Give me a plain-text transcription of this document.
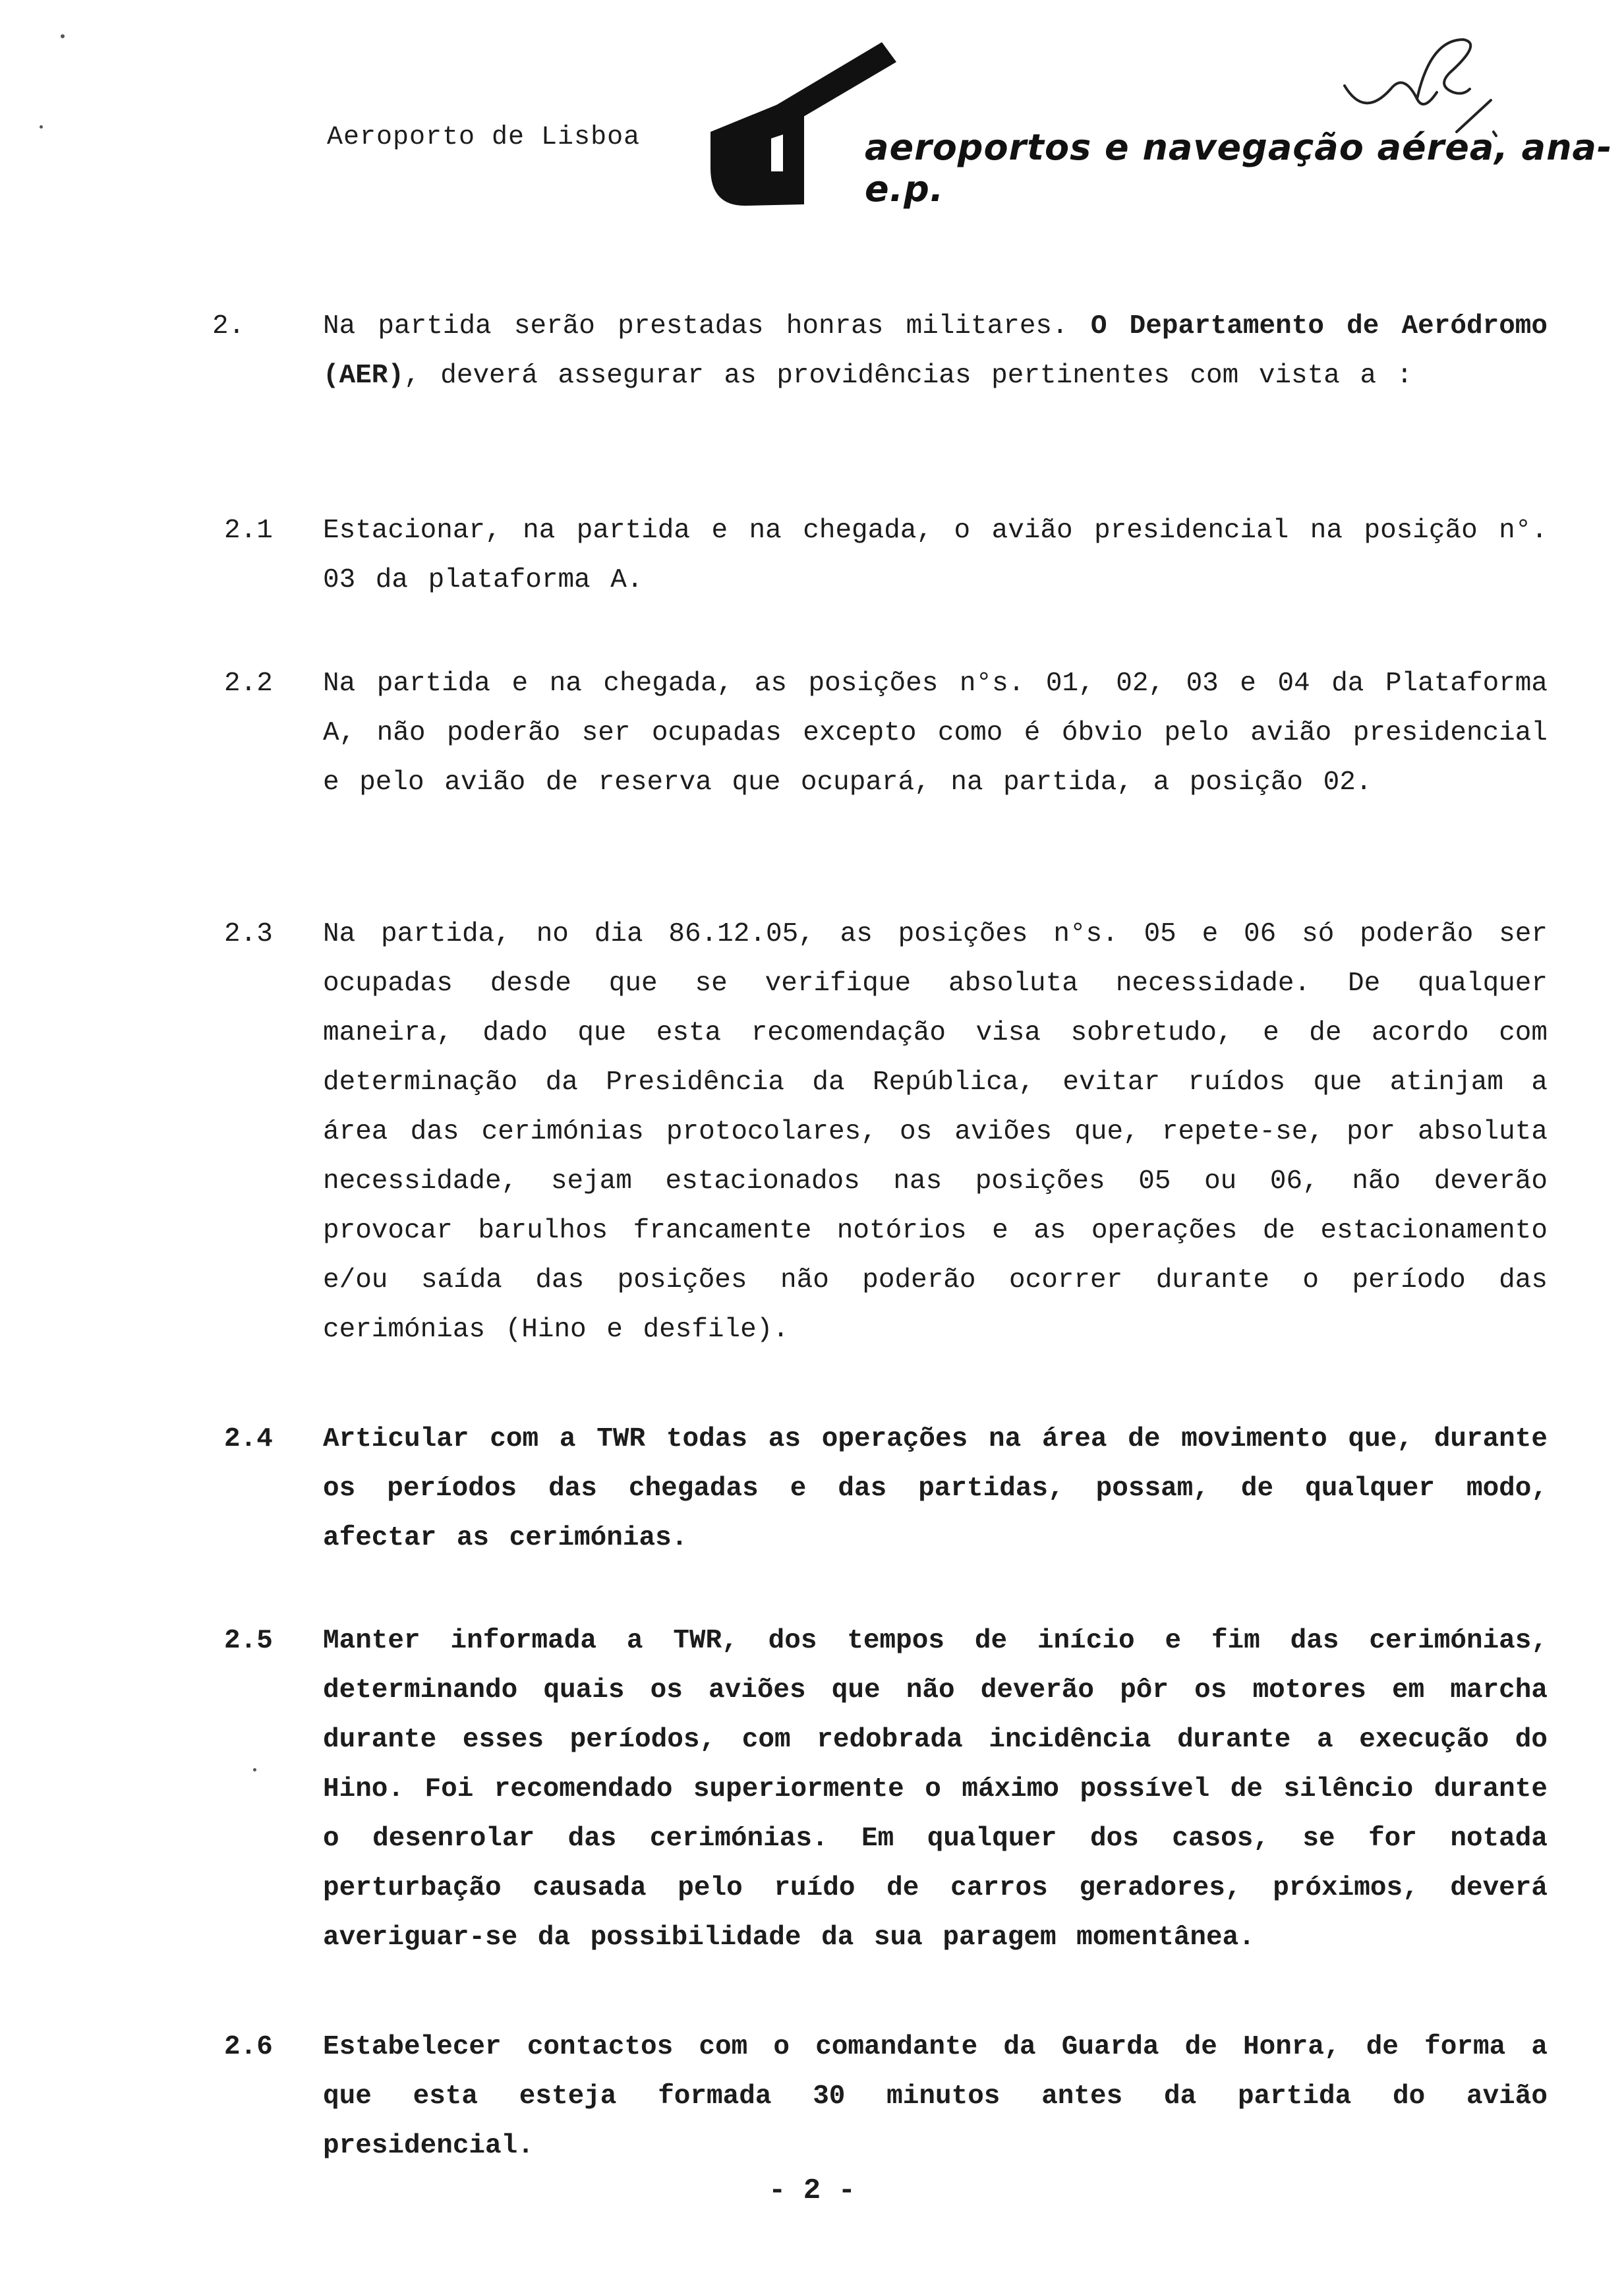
Aeroporto de Lisboa	aeroportos e navegação aérea, ana-e.p.
2.	Na partida serão prestadas honras militares. O Departamento de Aeródromo (AER), deverá assegurar as providências pertinentes com vista a :
2.1	Estacionar, na partida e na chegada, o avião presidencial na posição n°. 03 da plataforma A.
2.2	Na partida e na chegada, as posições n°s. 01, 02, 03 e 04 da Plataforma A, não poderão ser ocupadas excepto como é óbvio pelo avião presidencial e pelo avião de reserva que ocupará, na partida, a posição 02.
2.3	Na partida, no dia 86.12.05, as posições n°s. 05 e 06 só poderão ser ocupadas desde que se verifique absoluta necessidade. De qualquer maneira, dado que esta recomendação visa sobretudo, e de acordo com determinação da Presidência da República, evitar ruídos que atinjam a área das cerimónias protocolares, os aviões que, repete-se, por absoluta necessidade, sejam estacionados nas posições 05 ou 06, não deverão provocar barulhos francamente notórios e as operações de estacionamento e/ou saída das posições não poderão ocorrer durante o período das cerimónias (Hino e desfile).
2.4	Articular com a TWR todas as operações na área de movimento que, durante os períodos das chegadas e das partidas, possam, de qualquer modo, afectar as cerimónias.
2.5	Manter informada a TWR, dos tempos de início e fim das cerimónias, determinando quais os aviões que não deverão pôr os motores em marcha durante esses períodos, com redobrada incidência durante a execução do Hino. Foi recomendado superiormente o máximo possível de silêncio durante o desenrolar das cerimónias. Em qualquer dos casos, se for notada perturbação causada pelo ruído de carros geradores, próximos, deverá averiguar-se da possibilidade da sua paragem momentânea.
2.6	Estabelecer contactos com o comandante da Guarda de Honra, de forma a que esta esteja formada 30 minutos antes da partida do avião presidencial.
- 2 -
